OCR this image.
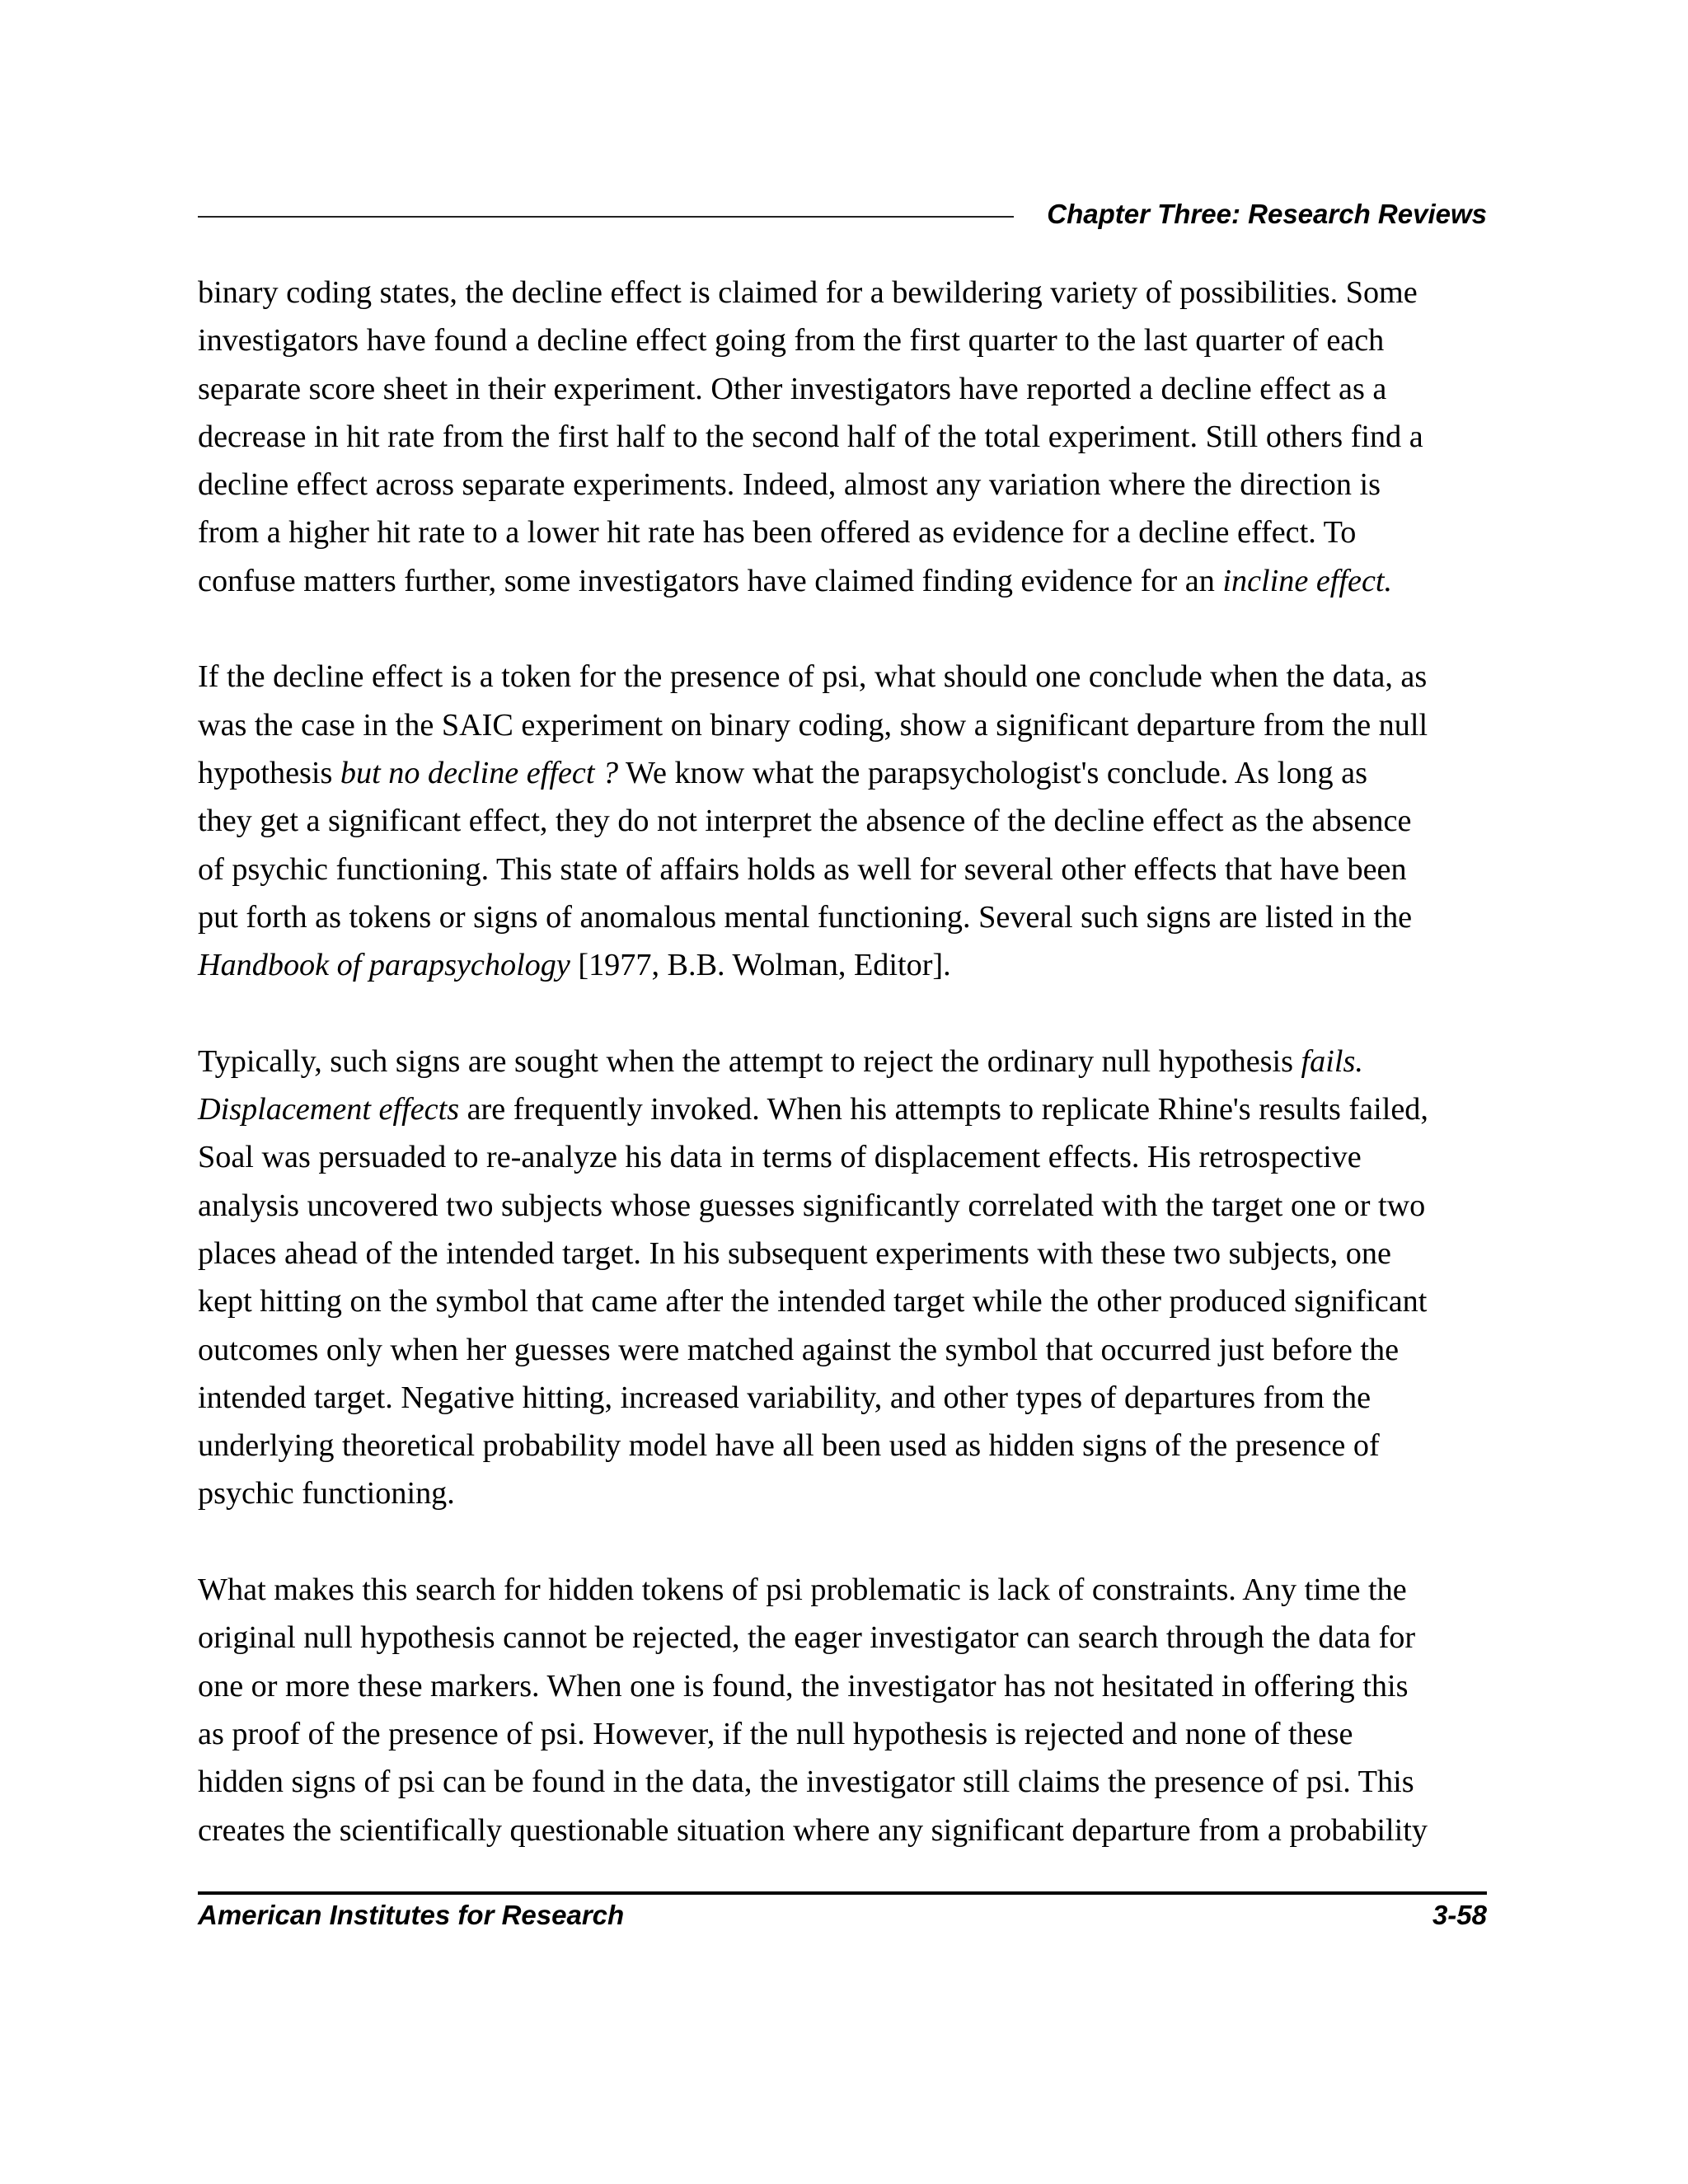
Chapter Three: Research Reviews

binary coding states, the decline effect is claimed for a bewildering variety of possibilities. Some
investigators have found a decline effect going from the first quarter to the last quarter of each
separate score sheet in their experiment. Other investigators have reported a decline effect as a
decrease in hit rate from the first half to the second half of the total experiment. Still others find a
decline effect across separate experiments. Indeed, almost any variation where the direction is
from a higher hit rate to a lower hit rate has been offered as evidence for a decline effect. To
confuse matters further, some investigators have claimed finding evidence for an incline effect.

If the decline effect is a token for the presence of psi, what should one conclude when the data, as
was the case in the SAIC experiment on binary coding, show a significant departure from the null
hypothesis but no decline effect ? We know what the parapsychologist's conclude. As long as
they get a significant effect, they do not interpret the absence of the decline effect as the absence
of psychic functioning. This state of affairs holds as well for several other effects that have been
put forth as tokens or signs of anomalous mental functioning. Several such signs are listed in the
Handbook of parapsychology [1977, B.B. Wolman, Editor].

Typically, such signs are sought when the attempt to reject the ordinary null hypothesis fails.
Displacement effects are frequently invoked. When his attempts to replicate Rhine's results failed,
Soal was persuaded to re-analyze his data in terms of displacement effects. His retrospective
analysis uncovered two subjects whose guesses significantly correlated with the target one or two
places ahead of the intended target. In his subsequent experiments with these two subjects, one
kept hitting on the symbol that came after the intended target while the other produced significant
outcomes only when her guesses were matched against the symbol that occurred just before the
intended target. Negative hitting, increased variability, and other types of departures from the
underlying theoretical probability model have all been used as hidden signs of the presence of
psychic functioning.

What makes this search for hidden tokens of psi problematic is lack of constraints. Any time the
original null hypothesis cannot be rejected, the eager investigator can search through the data for
one or more these markers. When one is found, the investigator has not hesitated in offering this
as proof of the presence of psi. However, if the null hypothesis is rejected and none of these
hidden signs of psi can be found in the data, the investigator still claims the presence of psi. This
creates the scientifically questionable situation where any significant departure from a probability

American Institutes for Research	3-58
